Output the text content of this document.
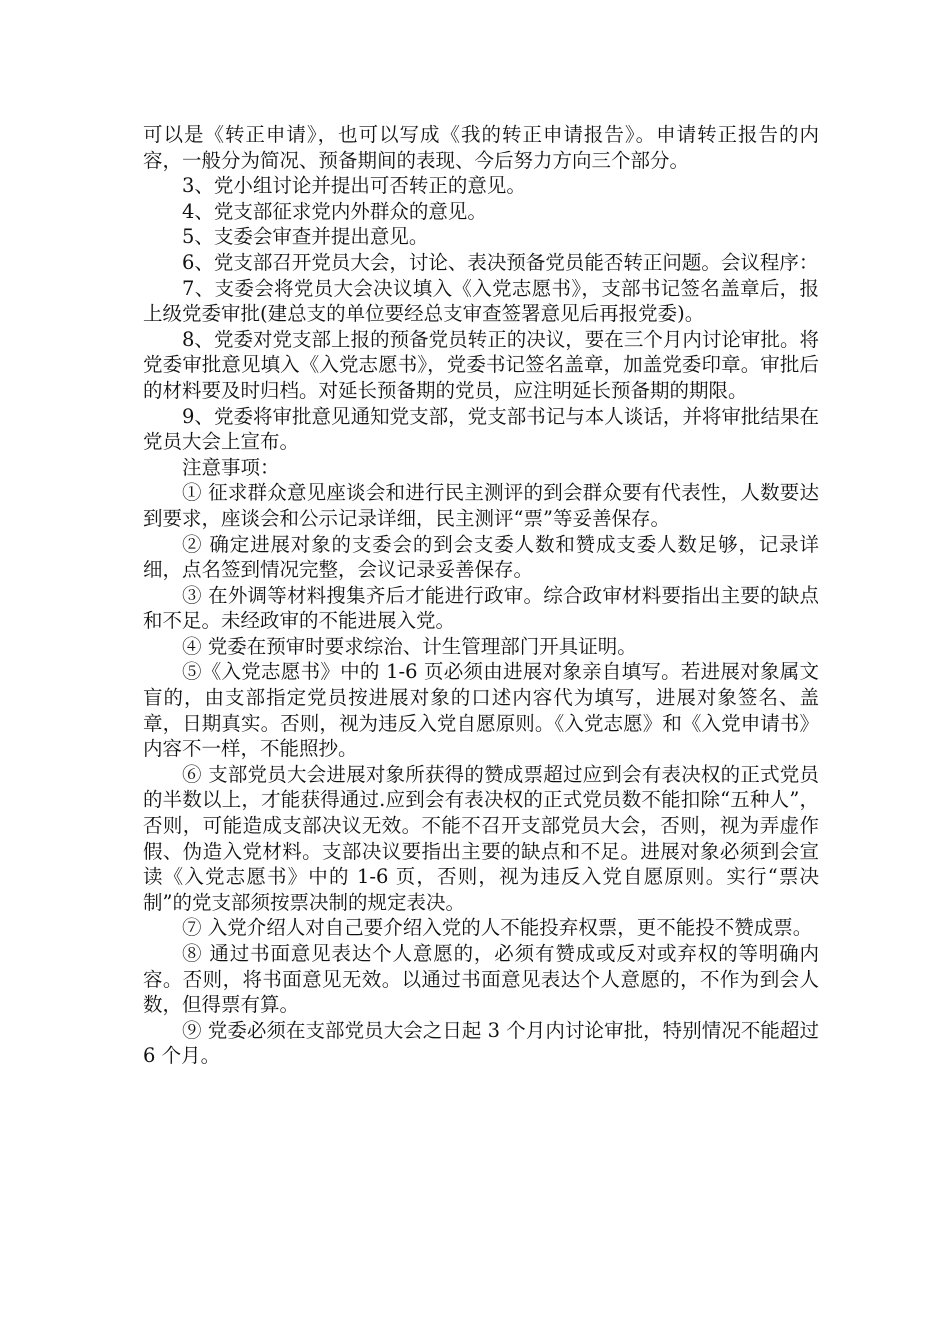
可以是《转正申请》，也可以写成《我的转正申请报告》。申请转正报告的内容，一般分为简况、预备期间的表现、今后努力方向三个部分。

3、党小组讨论并提出可否转正的意见。

4、党支部征求党内外群众的意见。

5、支委会审查并提出意见。

6、党支部召开党员大会，讨论、表决预备党员能否转正问题。会议程序：

7、支委会将党员大会决议填入《入党志愿书》，支部书记签名盖章后，报上级党委审批(建总支的单位要经总支审查签署意见后再报党委)。

8、党委对党支部上报的预备党员转正的决议，要在三个月内讨论审批。将党委审批意见填入《入党志愿书》，党委书记签名盖章，加盖党委印章。审批后的材料要及时归档。对延长预备期的党员，应注明延长预备期的期限。

9、党委将审批意见通知党支部，党支部书记与本人谈话，并将审批结果在党员大会上宣布。

注意事项：

① 征求群众意见座谈会和进行民主测评的到会群众要有代表性，人数要达到要求，座谈会和公示记录详细，民主测评“票”等妥善保存。

② 确定进展对象的支委会的到会支委人数和赞成支委人数足够，记录详细，点名签到情况完整，会议记录妥善保存。

③ 在外调等材料搜集齐后才能进行政审。综合政审材料要指出主要的缺点和不足。未经政审的不能进展入党。

④ 党委在预审时要求综治、计生管理部门开具证明。

⑤《入党志愿书》中的 1-6 页必须由进展对象亲自填写。若进展对象属文盲的，由支部指定党员按进展对象的口述内容代为填写，进展对象签名、盖章，日期真实。否则，视为违反入党自愿原则。《入党志愿》和《入党申请书》内容不一样，不能照抄。

⑥ 支部党员大会进展对象所获得的赞成票超过应到会有表决权的正式党员的半数以上，才能获得通过.应到会有表决权的正式党员数不能扣除“五种人”，否则，可能造成支部决议无效。不能不召开支部党员大会，否则，视为弄虚作假、伪造入党材料。支部决议要指出主要的缺点和不足。进展对象必须到会宣读《入党志愿书》中的 1-6 页，否则，视为违反入党自愿原则。实行“票决制”的党支部须按票决制的规定表决。

⑦ 入党介绍人对自己要介绍入党的人不能投弃权票，更不能投不赞成票。

⑧ 通过书面意见表达个人意愿的，必须有赞成或反对或弃权的等明确内容。否则，将书面意见无效。以通过书面意见表达个人意愿的，不作为到会人数，但得票有算。

⑨ 党委必须在支部党员大会之日起 3 个月内讨论审批，特别情况不能超过 6 个月。
